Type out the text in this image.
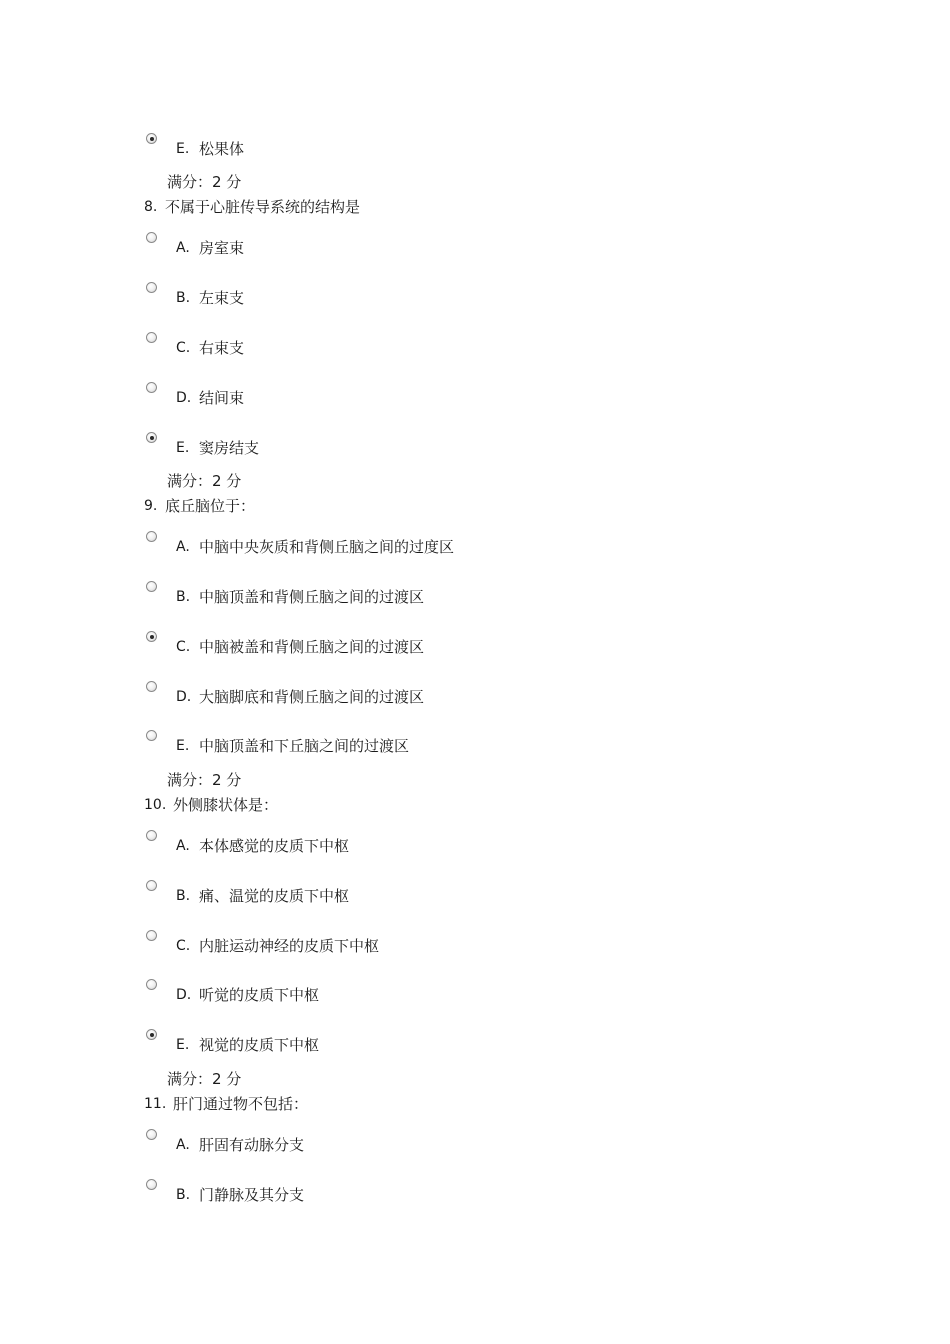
E. 松果体
满分：2 分
8. 不属于心脏传导系统的结构是
A. 房室束
B. 左束支
C. 右束支
D. 结间束
E. 窦房结支
满分：2 分
9. 底丘脑位于：
A. 中脑中央灰质和背侧丘脑之间的过度区
B. 中脑顶盖和背侧丘脑之间的过渡区
C. 中脑被盖和背侧丘脑之间的过渡区
D. 大脑脚底和背侧丘脑之间的过渡区
E. 中脑顶盖和下丘脑之间的过渡区
满分：2 分
10. 外侧膝状体是：
A. 本体感觉的皮质下中枢
B. 痛、温觉的皮质下中枢
C. 内脏运动神经的皮质下中枢
D. 听觉的皮质下中枢
E. 视觉的皮质下中枢
满分：2 分
11. 肝门通过物不包括：
A. 肝固有动脉分支
B. 门静脉及其分支
